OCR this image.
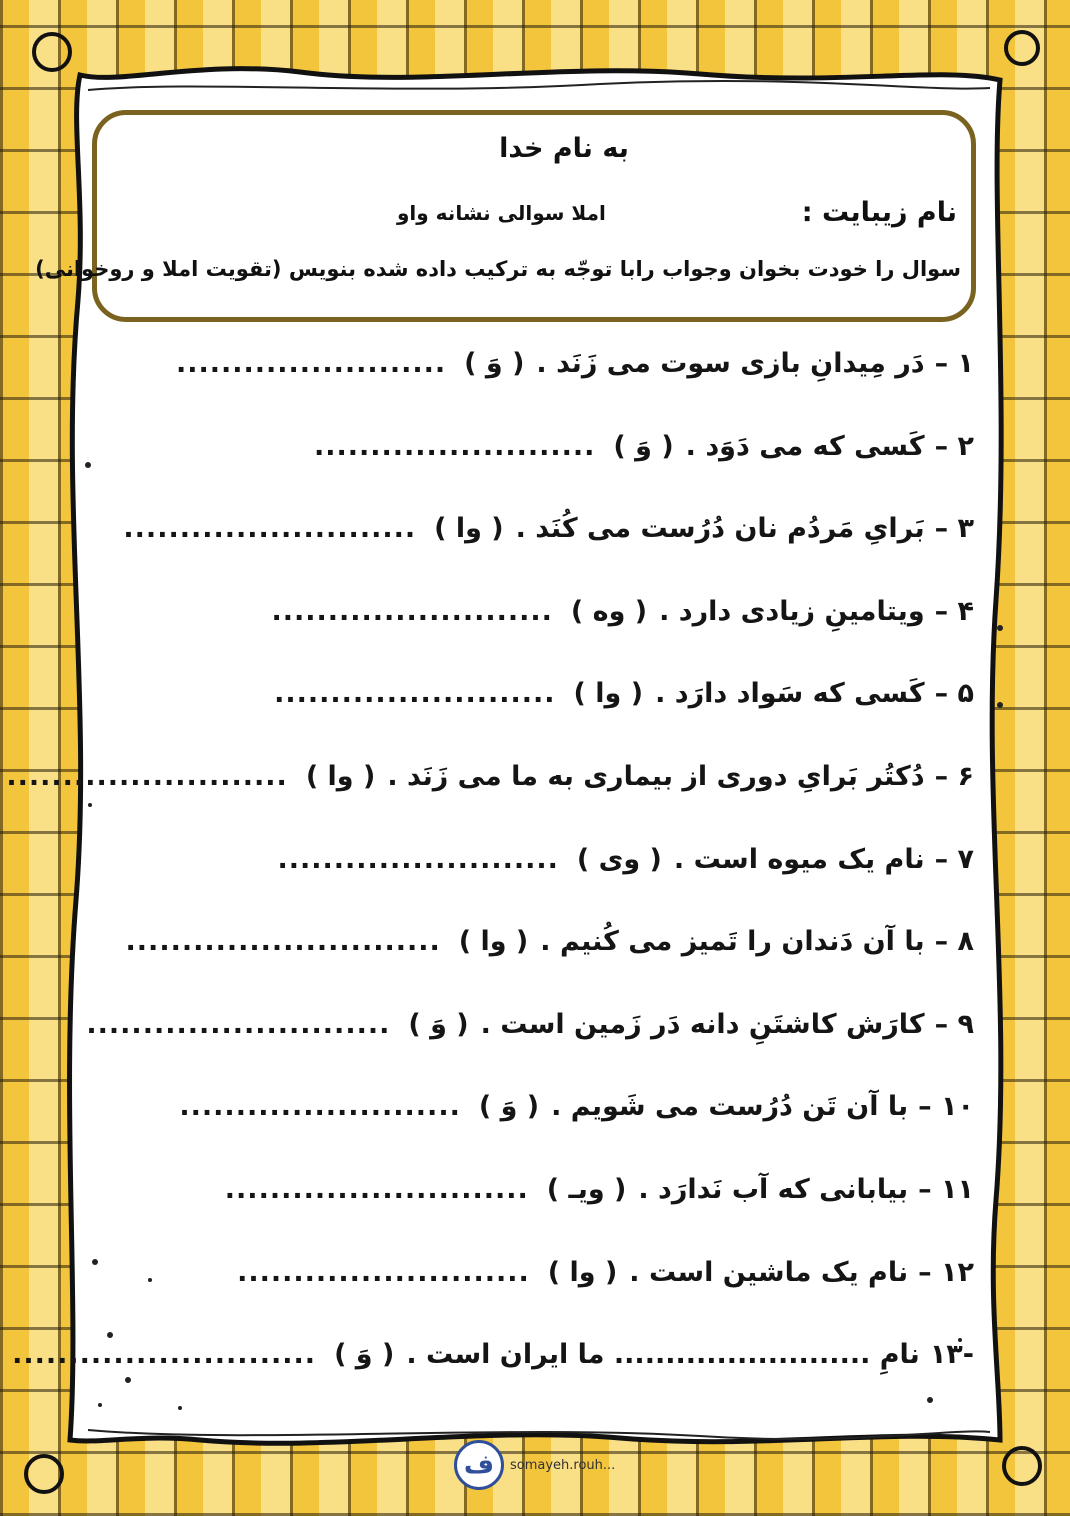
به نام خدا
نام زیبایت :
املا سوالی نشانه واو
سوال را خودت بخوان وجواب رابا توجّه به ترکیب داده شده بنویس (تقویت املا و روخوانی)
۱ –
دَر مِیدانِ بازی سوت می زَنَد .
( وَ )
........................
۲ –
کَسی که می دَوَد .
( وَ )
.........................
۳ –
بَرایِ مَردُم نان دُرُست می کُنَد .
( وا )
..........................
۴ –
ویتامینِ زیادی دارد .
( وه )
.........................
۵ –
کَسی که سَواد دارَد .
( وا )
.........................
۶ –
دُکتُر بَرایِ دوری از بیماری به ما می زَنَد .
( وا )
.........................
۷ –
نام یک میوه است .
( وی )
.........................
۸ –
با آن دَندان را تَمیز می کُنیم .
( وا )
............................
۹ –
کارَش کاشتَنِ دانه دَر زَمین است .
( وَ )
...........................
۱۰ –
با آن تَن دُرُست می شَویم .
( وَ )
.........................
۱۱ –
بیابانی که آب نَدارَد .
( ویـ )
...........................
۱۲ –
نام یک ماشین است .
( وا )
..........................
-۱۳
نامِ ......................... ما ایران است .
( وَ )
...........................
ف	somayeh.rouh...
